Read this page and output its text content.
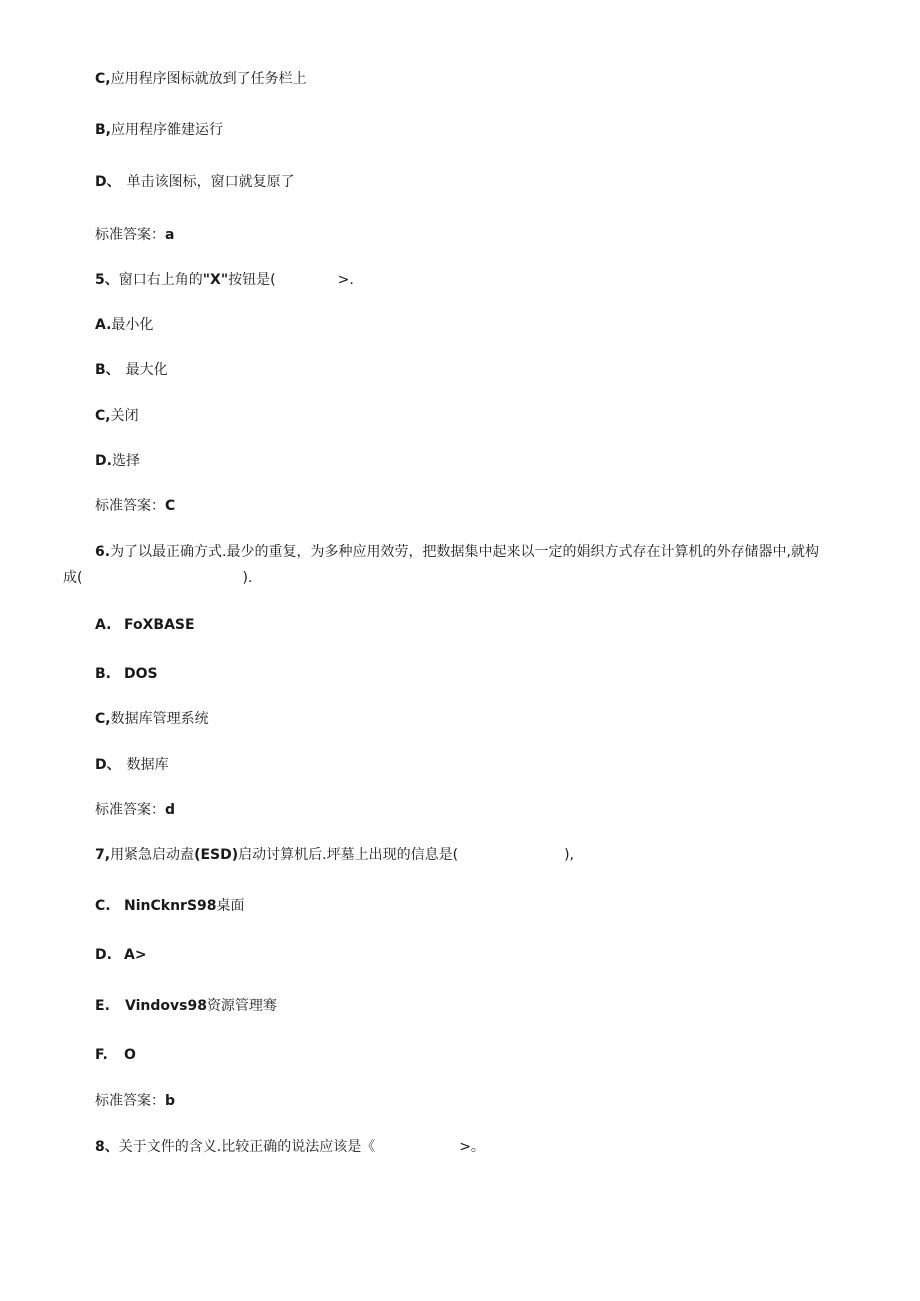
C,应用程序图标就放到了任务栏上
B,应用程序雒建运行
D、 单击该图标，窗口就复原了
标准答案：a
5、窗口右上角的"X"按钮是(	>.
A.最小化
B、 最大化
C,关闭
D.选择
标准答案：C
6.为了以最正确方式.最少的重复，为多种应用效劳，把数据集中起来以一定的娟织方式存在计算机的外存储器中,就构
成(	).
A. FoXBASE
B. DOS
C,数据库管理系统
D、 数据库
标准答案：d
7,用紧急启动盍(ESD)启动讨算机后.坪墓上出现的信息是(	),
C. NinCknrS98桌面
D. A>
E. Vindovs98资源管理骞
F. O
标准答案：b
8、关于文件的含义.比较正确的说法应该是《	>。
